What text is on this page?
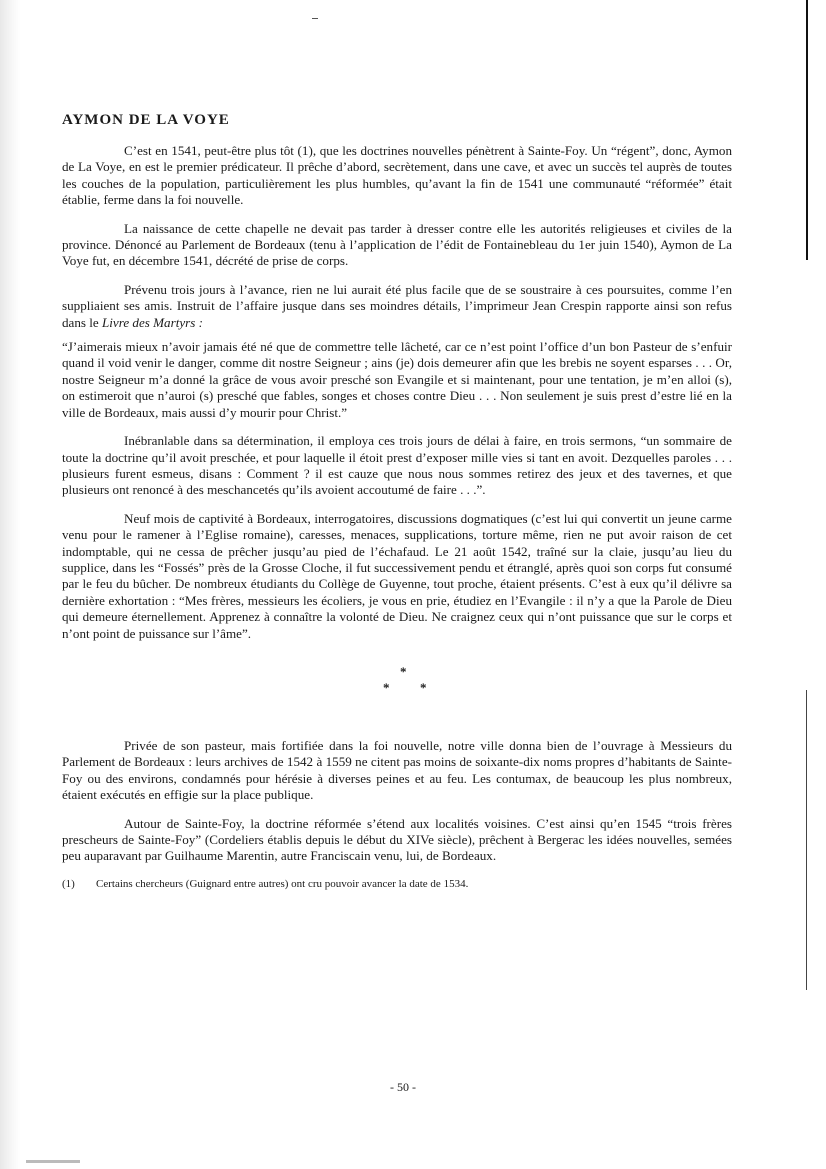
AYMON DE LA VOYE

C’est en 1541, peut-être plus tôt (1), que les doctrines nouvelles pénètrent à Sainte-Foy. Un “régent”, donc, Aymon de La Voye, en est le premier prédicateur. Il prêche d’abord, secrètement, dans une cave, et avec un succès tel auprès de toutes les couches de la population, particulièrement les plus humbles, qu’avant la fin de 1541 une communauté “réformée” était établie, ferme dans la foi nouvelle.

La naissance de cette chapelle ne devait pas tarder à dresser contre elle les autorités religieuses et civiles de la province. Dénoncé au Parlement de Bordeaux (tenu à l’application de l’édit de Fontainebleau du 1er juin 1540), Aymon de La Voye fut, en décembre 1541, décrété de prise de corps.

Prévenu trois jours à l’avance, rien ne lui aurait été plus facile que de se soustraire à ces poursuites, comme l’en suppliaient ses amis. Instruit de l’affaire jusque dans ses moindres détails, l’imprimeur Jean Crespin rapporte ainsi son refus dans le Livre des Martyrs :

“J’aimerais mieux n’avoir jamais été né que de commettre telle lâcheté, car ce n’est point l’office d’un bon Pasteur de s’enfuir quand il void venir le danger, comme dit nostre Seigneur ; ains (je) dois demeurer afin que les brebis ne soyent esparses . . . Or, nostre Seigneur m’a donné la grâce de vous avoir presché son Evangile et si maintenant, pour une tentation, je m’en alloi (s), on estimeroit que n’auroi (s) presché que fables, songes et choses contre Dieu . . . Non seulement je suis prest d’estre lié en la ville de Bordeaux, mais aussi d’y mourir pour Christ.”

Inébranlable dans sa détermination, il employa ces trois jours de délai à faire, en trois sermons, “un sommaire de toute la doctrine qu’il avoit preschée, et pour laquelle il étoit prest d’exposer mille vies si tant en avoit. Dezquelles paroles . . . plusieurs furent esmeus, disans : Comment ? il est cauze que nous nous sommes retirez des jeux et des tavernes, et que plusieurs ont renoncé à des meschancetés qu’ils avoient accoutumé de faire . . .”.

Neuf mois de captivité à Bordeaux, interrogatoires, discussions dogmatiques (c’est lui qui convertit un jeune carme venu pour le ramener à l’Eglise romaine), caresses, menaces, supplications, torture même, rien ne put avoir raison de cet indomptable, qui ne cessa de prêcher jusqu’au pied de l’échafaud. Le 21 août 1542, traîné sur la claie, jusqu’au lieu du supplice, dans les “Fossés” près de la Grosse Cloche, il fut successivement pendu et étranglé, après quoi son corps fut consumé par le feu du bûcher. De nombreux étudiants du Collège de Guyenne, tout proche, étaient présents. C’est à eux qu’il délivre sa dernière exhortation : “Mes frères, messieurs les écoliers, je vous en prie, étudiez en l’Evangile : il n’y a que la Parole de Dieu qui demeure éternellement. Apprenez à connaître la volonté de Dieu. Ne craignez ceux qui n’ont puissance que sur le corps et n’ont point de puissance sur l’âme”.

*
* *

Privée de son pasteur, mais fortifiée dans la foi nouvelle, notre ville donna bien de l’ouvrage à Messieurs du Parlement de Bordeaux : leurs archives de 1542 à 1559 ne citent pas moins de soixante-dix noms propres d’habitants de Sainte-Foy ou des environs, condamnés pour hérésie à diverses peines et au feu. Les contumax, de beaucoup les plus nombreux, étaient exécutés en effigie sur la place publique.

Autour de Sainte-Foy, la doctrine réformée s’étend aux localités voisines. C’est ainsi qu’en 1545 “trois frères prescheurs de Sainte-Foy” (Cordeliers établis depuis le début du XIVe siècle), prêchent à Bergerac les idées nouvelles, semées peu auparavant par Guilhaume Marentin, autre Franciscain venu, lui, de Bordeaux.

(1) Certains chercheurs (Guignard entre autres) ont cru pouvoir avancer la date de 1534.
- 50 -
